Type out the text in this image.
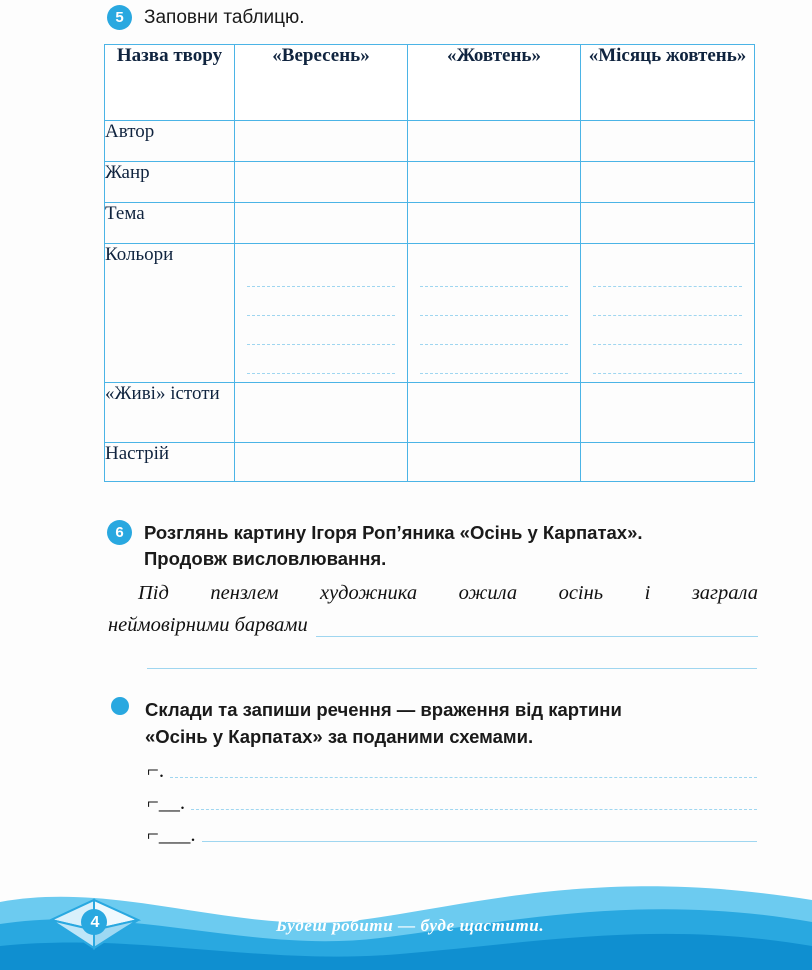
5	Заповни таблицю.
Назва твору	«Вересень»	«Жовтень»	«Місяць жовтень»
Автор			
Жанр			
Тема			
Кольори	

«Живі» істоти			
Настрій			
6	Розглянь картину Ігоря Роп’яника «Осінь у Карпатах».
Продовж висловлювання.
Під пензлем художника ожила осінь і заграла
неймовірними барвами
Склади та запиши речення — враження від картини
«Осінь у Карпатах» за поданими схемами.
⌐.
⌐__.
⌐___.
4	Будеш робити — буде щастити.
